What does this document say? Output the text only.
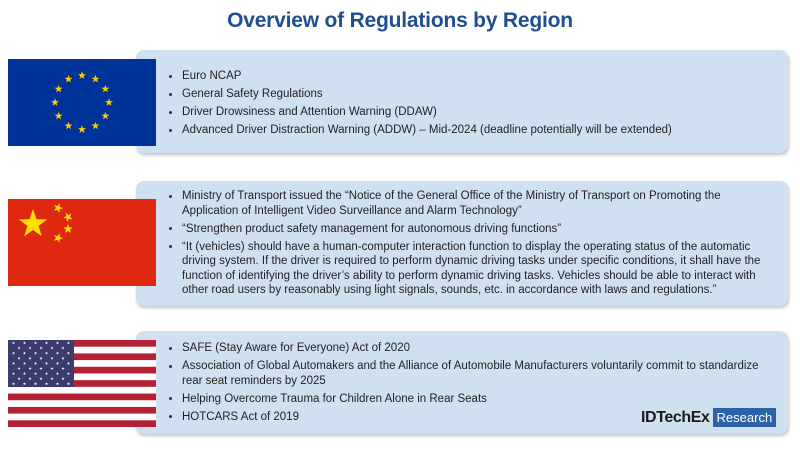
Overview of Regulations by Region
Euro NCAP
General Safety Regulations
Driver Drowsiness and Attention Warning (DDAW)
Advanced Driver Distraction Warning (ADDW) – Mid-2024 (deadline potentially will be extended)
Ministry of Transport issued the “Notice of the General Office of the Ministry of Transport on Promoting the Application of Intelligent Video Surveillance and Alarm Technology”
“Strengthen product safety management for autonomous driving functions”
“It (vehicles) should have a human-computer interaction function to display the operating status of the automatic driving system. If the driver is required to perform dynamic driving tasks under specific conditions, it shall have the function of identifying the driver’s ability to perform dynamic driving tasks. Vehicles should be able to interact with other road users by reasonably using light signals, sounds, etc. in accordance with laws and regulations.”
SAFE (Stay Aware for Everyone) Act of 2020
Association of Global Automakers and the Alliance of Automobile Manufacturers voluntarily commit to standardize rear seat reminders by 2025
Helping Overcome Trauma for Children Alone in Rear Seats
HOTCARS Act of 2019	IDTechEx Research
